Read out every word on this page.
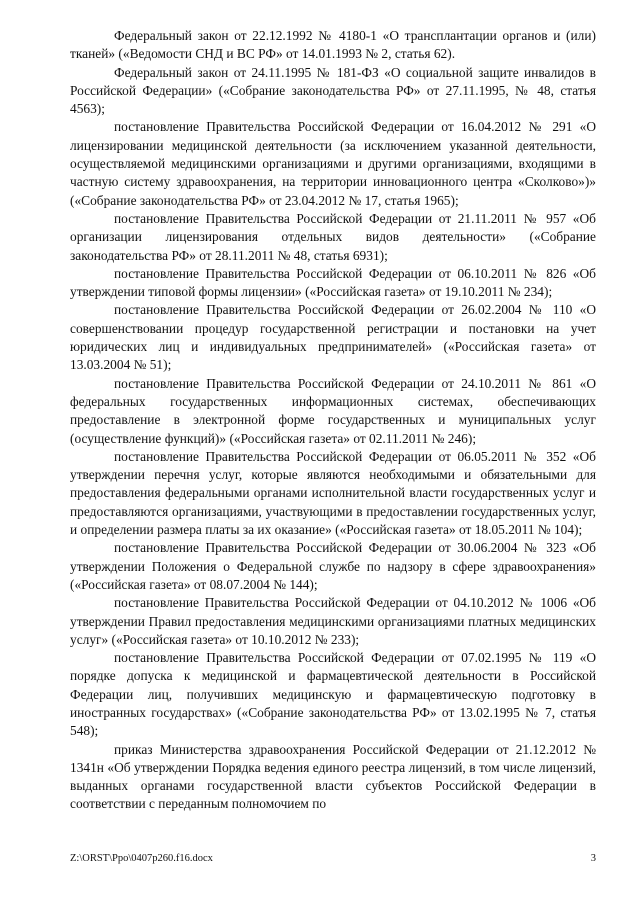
Федеральный закон от 22.12.1992 № 4180-1 «О трансплантации органов и (или) тканей» («Ведомости СНД и ВС РФ» от 14.01.1993 № 2, статья 62).

Федеральный закон от 24.11.1995 № 181-ФЗ «О социальной защите инвалидов в Российской Федерации» («Собрание законодательства РФ» от 27.11.1995, № 48, статья 4563);

постановление Правительства Российской Федерации от 16.04.2012 № 291 «О лицензировании медицинской деятельности (за исключением указанной деятельности, осуществляемой медицинскими организациями и другими организациями, входящими в частную систему здравоохранения, на территории инновационного центра «Сколково»)» («Собрание законодательства РФ» от 23.04.2012 № 17, статья 1965);

постановление Правительства Российской Федерации от 21.11.2011 № 957 «Об организации лицензирования отдельных видов деятельности» («Собрание законодательства РФ» от 28.11.2011 № 48, статья 6931);

постановление Правительства Российской Федерации от 06.10.2011 № 826 «Об утверждении типовой формы лицензии» («Российская газета» от 19.10.2011 № 234);

постановление Правительства Российской Федерации от 26.02.2004 № 110 «О совершенствовании процедур государственной регистрации и постановки на учет юридических лиц и индивидуальных предпринимателей» («Российская газета» от 13.03.2004 № 51);

постановление Правительства Российской Федерации от 24.10.2011 № 861 «О федеральных государственных информационных системах, обеспечивающих предоставление в электронной форме государственных и муниципальных услуг (осуществление функций)» («Российская газета» от 02.11.2011 № 246);

постановление Правительства Российской Федерации от 06.05.2011 № 352 «Об утверждении перечня услуг, которые являются необходимыми и обязательными для предоставления федеральными органами исполнительной власти государственных услуг и предоставляются организациями, участвующими в предоставлении государственных услуг, и определении размера платы за их оказание» («Российская газета» от 18.05.2011 № 104);

постановление Правительства Российской Федерации от 30.06.2004 № 323 «Об утверждении Положения о Федеральной службе по надзору в сфере здравоохранения» («Российская газета» от 08.07.2004 № 144);

постановление Правительства Российской Федерации от 04.10.2012 № 1006 «Об утверждении Правил предоставления медицинскими организациями платных медицинских услуг» («Российская газета» от 10.10.2012 № 233);

постановление Правительства Российской Федерации от 07.02.1995 № 119 «О порядке допуска к медицинской и фармацевтической деятельности в Российской Федерации лиц, получивших медицинскую и фармацевтическую подготовку в иностранных государствах» («Собрание законодательства РФ» от 13.02.1995 № 7, статья 548);

приказ Министерства здравоохранения Российской Федерации от 21.12.2012 № 1341н «Об утверждении Порядка ведения единого реестра лицензий, в том числе лицензий, выданных органами государственной власти субъектов Российской Федерации в соответствии с переданным полномочием по

Z:\ORST\Ppo\0407p260.f16.docx	3
